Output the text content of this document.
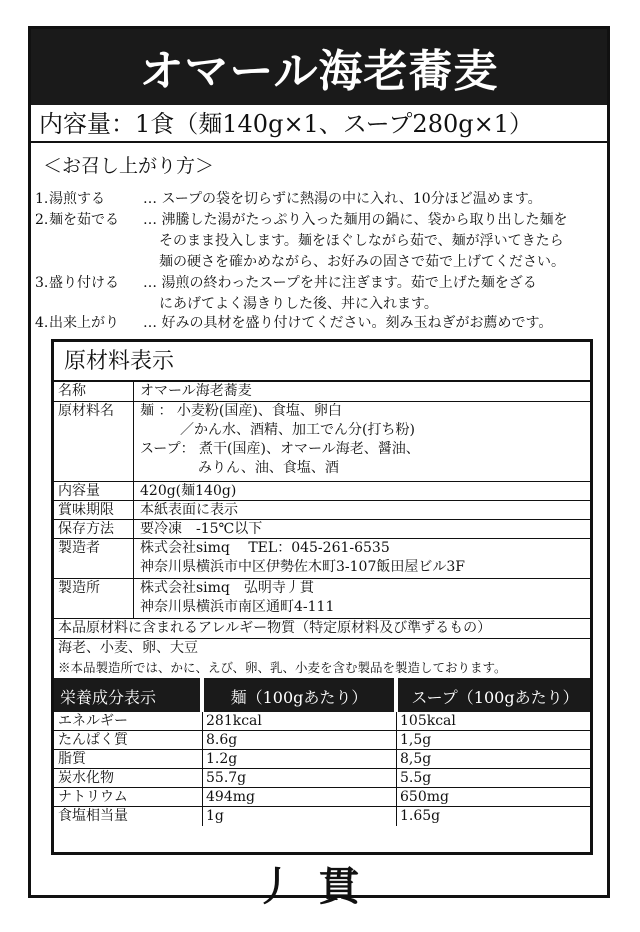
オマール海老蕎麦
内容量：1食（麺140g×1、スープ280g×1）
＜お召し上がり方＞
1. 湯煎する	… スープの袋を切らずに熱湯の中に入れ、10分ほど温めます。
2. 麺を茹でる … 沸騰した湯がたっぷり入った麺用の鍋に、袋から取り出した麺を
そのまま投入します。麺をほぐしながら茹で、麺が浮いてきたら
麺の硬さを確かめながら、お好みの固さで茹で上げてください。
3. 盛り付ける … 湯煎の終わったスープを丼に注ぎます。茹で上げた麺をざる
にあげてよく湯きりした後、丼に入れます。
4. 出来上がり … 好みの具材を盛り付けてください。刻み玉ねぎがお薦めです。
原材料表示
名称	オマール海老蕎麦
原材料名	麺 ： 小麦粉(国産)、食塩、卵白
／かん水、酒精、加工でん分(打ち粉)
スープ： 煮干(国産)、オマール海老、醤油、
みりん、油、食塩、酒
内容量	420g(麺140g)
賞味期限	本紙表面に表示
保存方法	要冷凍　-15℃以下
製造者	株式会社simq　 TEL：045-261-6535
神奈川県横浜市中区伊勢佐木町3-107飯田屋ビル3F
製造所	株式会社simq　弘明寺丿貫
神奈川県横浜市南区通町4-111
本品原材料に含まれるアレルギー物質（特定原材料及び準ずるもの）
海老、小麦、卵、大豆
※本品製造所では、かに、えび、卵、乳、小麦を含む製品を製造しております。
栄養成分表示	麺（100gあたり）	スープ（100gあたり）
エネルギー	281kcal	105kcal
たんぱく質	8.6g	1,5g
脂質	1.2g	8,5g
炭水化物	55.7g	5.5g
ナトリウム	494mg	650mg
食塩相当量	1g	1.65g
丿貫
